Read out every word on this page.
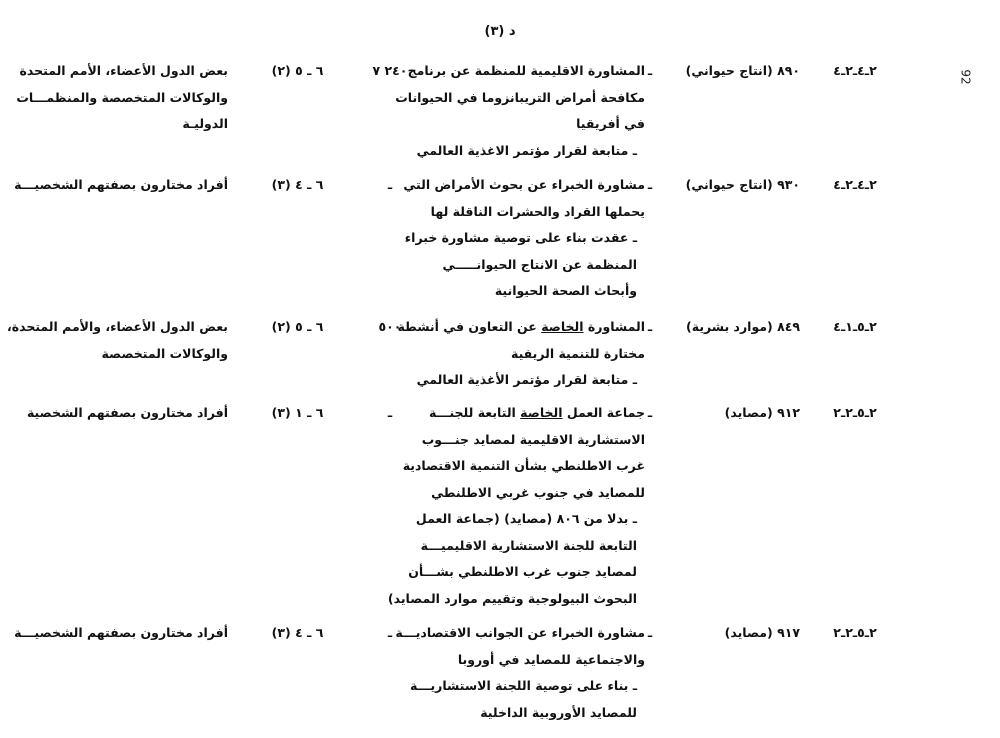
د (٣)
92
٢ـ٤ـ٢ـ٤
٨٩٠ (انتاج حيواني)
ـ
المشاورة الاقليمية للمنظمة عن برنامج
مكافحة أمراض التريبانزوما في الحيوانات
في أفريقيا
ـ متابعة لقرار مؤتمر الاغذية العالمي
٢٤٠ ٧
٦ ـ ٥ (٢)
بعض الدول الأعضاء، الأمم المتحدة
والوكالات المتخصصة والمنظمـــات
الدوليـة
٢ـ٤ـ٢ـ٤
٩٣٠ (انتاج حيواني)
ـ
مشاورة الخبراء عن بحوث الأمراض التي
يحملها القراد والحشرات الناقلة لها
ـ عقدت بناء على توصية مشاورة خبراء
المنظمة عن الانتاج الحيوانـــــي
وأبحاث الصحة الحيوانية
ـ
٦ ـ ٤ (٣)
أفراد مختارون بصفتهم الشخصيـــة
٢ـ٥ـ١ـ٤
٨٤٩ (موارد بشرية)
ـ
المشاورة الخاصة عن التعاون في أنشطة
مختارة للتنمية الريفية
ـ متابعة لقرار مؤتمر الأغذية العالمي
٥٠٠
٦ ـ ٥ (٢)
بعض الدول الأعضاء، والأمم المتحدة،
والوكالات المتخصصة
٢ـ٥ـ٢ـ٢
٩١٢ (مصايد)
ـ
جماعة العمل الخاصة التابعة للجنـــة
الاستشارية الاقليمية لمصايد جنـــوب
غرب الاطلنطي بشأن التنمية الاقتصادية
للمصايد في جنوب غربي الاطلنطي
ـ بدلا من ٨٠٦ (مصايد) (جماعة العمل
التابعة للجنة الاستشارية الاقليميـــة
لمصايد جنوب غرب الاطلنطي بشـــأن
البحوث البيولوجية وتقييم موارد المصايد)
ـ
٦ ـ ١ (٣)
أفراد مختارون بصفتهم الشخصية
٢ـ٥ـ٢ـ٢
٩١٧ (مصايد)
ـ
مشاورة الخبراء عن الجوانب الاقتصاديـــة
والاجتماعية للمصايد في أوروبا
ـ بناء على توصية اللجنة الاستشاريـــة
للمصايد الأوروبية الداخلية
ـ
٦ ـ ٤ (٣)
أفراد مختارون بصفتهم الشخصيـــة
